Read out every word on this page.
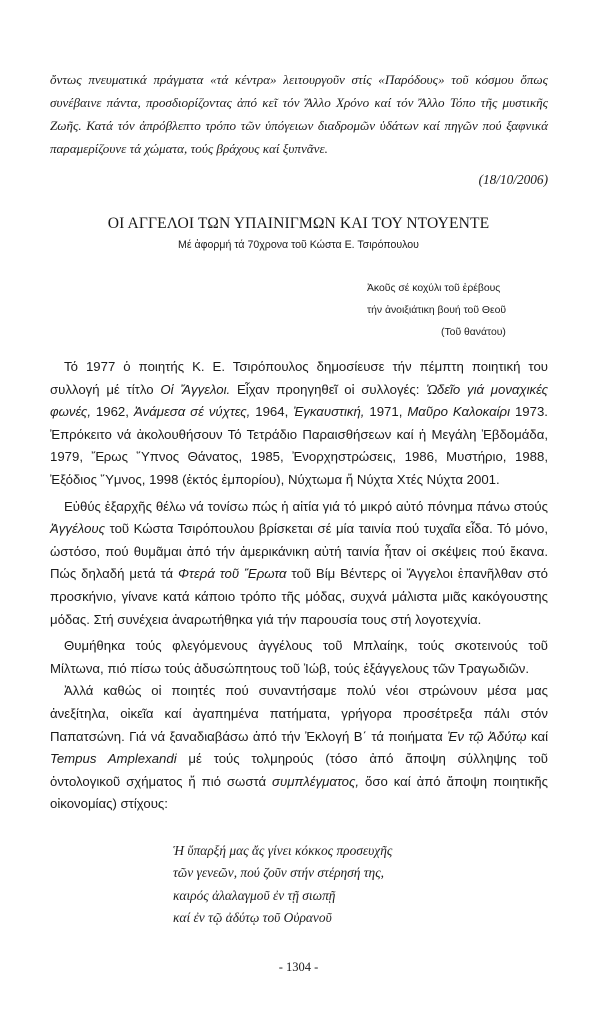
ὄντως πνευματικά πράγματα «τά κέντρα» λειτουργοῦν στίς «Παρόδους» τοῦ κόσμου ὅπως συνέβαινε πάντα, προσδιορίζοντας ἀπό κεῖ τόν Ἄλλο Χρόνο καί τόν Ἄλλο Τόπο τῆς μυστικῆς Ζωῆς. Κατά τόν ἀπρόβλεπτο τρόπο τῶν ὑπόγειων διαδρομῶν ὑδάτων καί πηγῶν πού ξαφνικά παραμερίζουνε τά χώματα, τούς βράχους καί ξυπνᾶνε.
(18/10/2006)
ΟΙ ΑΓΓΕΛΟΙ ΤΩΝ ΥΠΑΙΝΙΓΜΩΝ ΚΑΙ ΤΟΥ ΝΤΟΥΕΝΤΕ
Μέ ἀφορμή τά 70χρονα τοῦ Κώστα Ε. Τσιρόπουλου
Ἀκοῦς σέ κοχύλι τοῦ ἐρέβους
τήν ἀνοιξιάτικη βουή τοῦ Θεοῦ
(Τοῦ θανάτου)

Τό 1977 ὁ ποιητής Κ. Ε. Τσιρόπουλος δημοσίευσε τήν πέμπτη ποιητική του συλλογή μέ τίτλο Οἱ Ἄγγελοι. Εἶχαν προηγηθεῖ οἱ συλλογές: Ὠδεῖο γιά μοναχικές φωνές, 1962, Ἀνάμεσα σέ νύχτες, 1964, Ἐγκαυστική, 1971, Μαῦρο Καλοκαίρι 1973. Ἐπρόκειτο νά ἀκολουθήσουν Τό Τετράδιο Παραισθήσεων καί ἡ Μεγάλη Ἑβδομάδα, 1979, Ἔρως Ὕπνος Θάνατος, 1985, Ἐνορχηστρώσεις, 1986, Μυστήριο, 1988, Ἐξόδιος Ὕμνος, 1998 (ἐκτός ἐμπορίου), Νύχτωμα ἤ Νύχτα Χτές Νύχτα 2001.

Εὐθύς ἐξαρχῆς θέλω νά τονίσω πώς ἡ αἰτία γιά τό μικρό αὐτό πόνημα πάνω στούς Ἀγγέλους τοῦ Κώστα Τσιρόπουλου βρίσκεται σέ μία ταινία πού τυχαῖα εἶδα. Τό μόνο, ὡστόσο, πού θυμᾶμαι ἀπό τήν ἀμερικάνικη αὐτή ταινία ἦταν οἱ σκέψεις πού ἔκανα. Πώς δηλαδή μετά τά Φτερά τοῦ Ἔρωτα τοῦ Βίμ Βέντερς οἱ Ἄγγελοι ἐπανῆλθαν στό προσκήνιο, γίνανε κατά κάποιο τρόπο τῆς μόδας, συχνά μάλιστα μιᾶς κακόγουστης μόδας. Στή συνέχεια ἀναρωτήθηκα γιά τήν παρουσία τους στή λογοτεχνία.

Θυμήθηκα τούς φλεγόμενους ἀγγέλους τοῦ Μπλαίηκ, τούς σκοτεινούς τοῦ Μίλτωνα, πιό πίσω τούς ἀδυσώπητους τοῦ Ἰώβ, τούς ἐξάγγελους τῶν Τραγωδιῶν.

Ἀλλά καθώς οἱ ποιητές πού συναντήσαμε πολύ νέοι στρώνουν μέσα μας ἀνεξίτηλα, οἰκεῖα καί ἀγαπημένα πατήματα, γρήγορα προσέτρεξα πάλι στόν Παπατσώνη. Γιά νά ξαναδιαβάσω ἀπό τήν Ἐκλογή Β΄ τά ποιήματα Ἐν τῷ Ἀδύτῳ καί Tempus Amplexandi μέ τούς τολμηρούς (τόσο ἀπό ἄποψη σύλληψης τοῦ ὀντολογικοῦ σχήματος ἤ πιό σωστά συμπλέγματος, ὅσο καί ἀπό ἄποψη ποιητικῆς οἰκονομίας) στίχους:

Ἡ ὕπαρξή μας ἄς γίνει κόκκος προσευχῆς
τῶν γενεῶν, πού ζοῦν στήν στέρησή της,
καιρός ἀλαλαγμοῦ ἐν τῇ σιωπῇ
καί ἐν τῷ ἀδύτῳ τοῦ Οὐρανοῦ
- 1304 -
